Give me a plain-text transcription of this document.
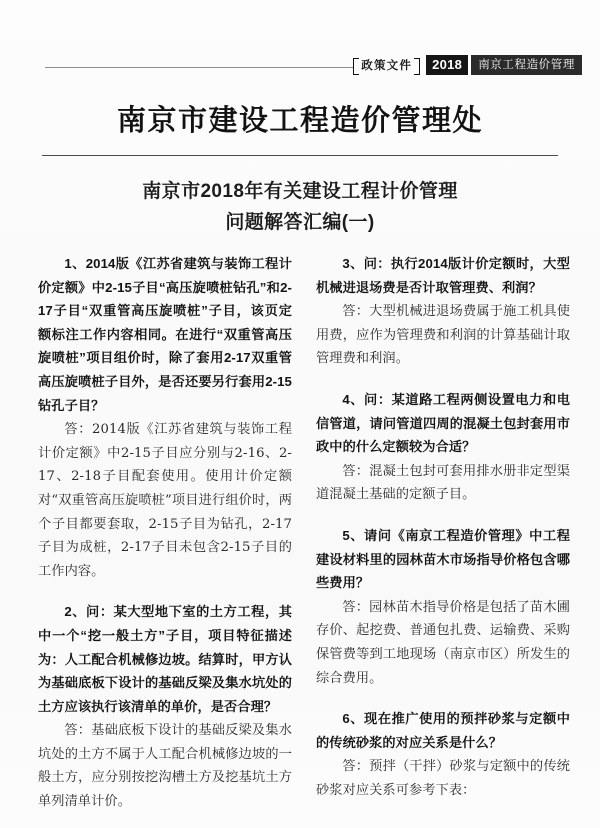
政策文件	2018	南京工程造价管理
南京市建设工程造价管理处
南京市2018年有关建设工程计价管理
问题解答汇编(一)

1、2014版《江苏省建筑与装饰工程计价定额》中2-15子目“高压旋喷桩钻孔”和2-17子目“双重管高压旋喷桩”子目，该页定额标注工作内容相同。在进行“双重管高压旋喷桩”项目组价时，除了套用2-17双重管高压旋喷桩子目外，是否还要另行套用2-15钻孔子目？

答：2014版《江苏省建筑与装饰工程计价定额》中2-15子目应分别与2-16、2-17、2-18子目配套使用。使用计价定额对“双重管高压旋喷桩”项目进行组价时，两个子目都要套取，2-15子目为钻孔，2-17子目为成桩，2-17子目未包含2-15子目的工作内容。

2、问：某大型地下室的土方工程，其中一个“挖一般土方”子目，项目特征描述为：人工配合机械修边坡。结算时，甲方认为基础底板下设计的基础反梁及集水坑处的土方应该执行该清单的单价，是否合理？

答：基础底板下设计的基础反梁及集水坑处的土方不属于人工配合机械修边坡的一般土方，应分别按挖沟槽土方及挖基坑土方单列清单计价。

3、问：执行2014版计价定额时，大型机械进退场费是否计取管理费、利润？

答：大型机械进退场费属于施工机具使用费，应作为管理费和利润的计算基础计取管理费和利润。

4、问：某道路工程两侧设置电力和电信管道，请问管道四周的混凝土包封套用市政中的什么定额较为合适？

答：混凝土包封可套用排水册非定型渠道混凝土基础的定额子目。

5、请问《南京工程造价管理》中工程建设材料里的园林苗木市场指导价格包含哪些费用？

答：园林苗木指导价格是包括了苗木圃存价、起挖费、普通包扎费、运输费、采购保管费等到工地现场（南京市区）所发生的综合费用。

6、现在推广使用的预拌砂浆与定额中的传统砂浆的对应关系是什么？

答：预拌（干拌）砂浆与定额中的传统砂浆对应关系可参考下表：
